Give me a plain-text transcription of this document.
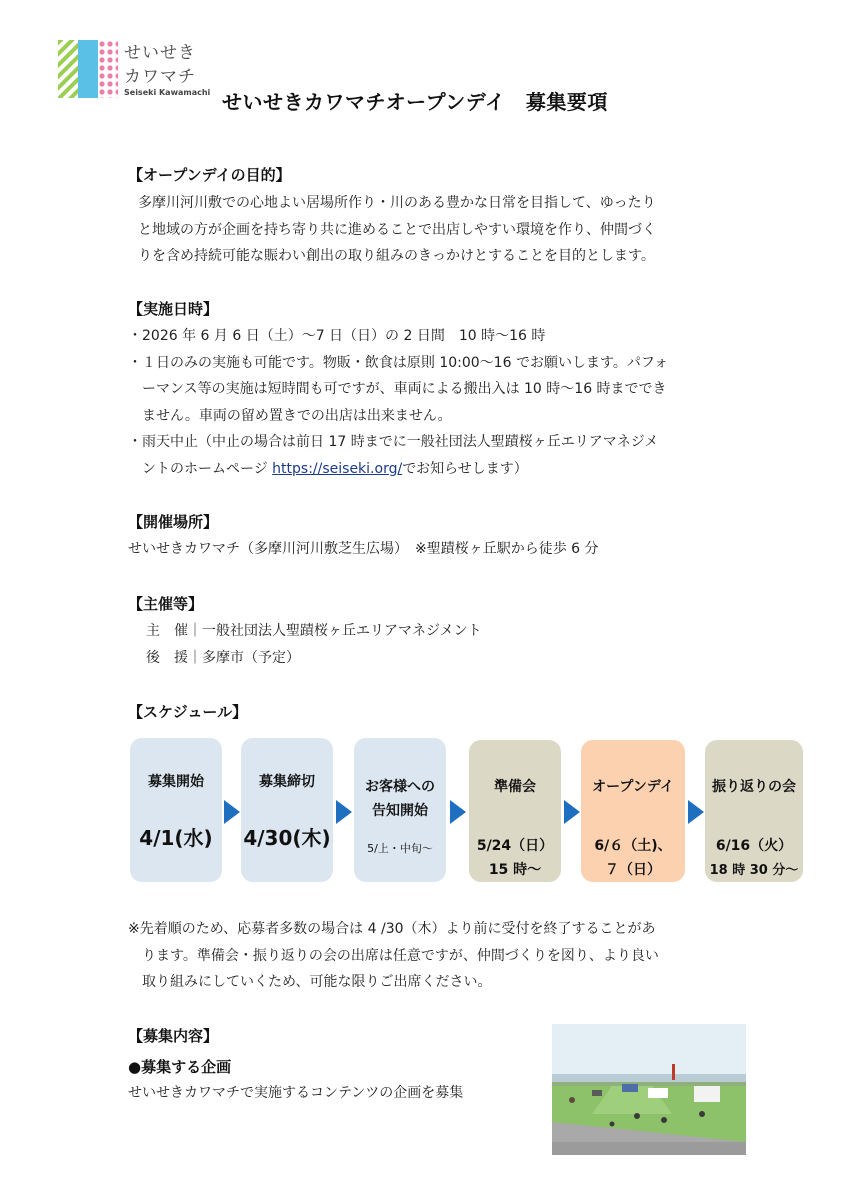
せいせき
カワマチ
Seiseki Kawamachi せいせきカワマチオープンデイ　募集要項
【オープンデイの目的】
多摩川河川敷での心地よい居場所作り・川のある豊かな日常を目指して、ゆったり
と地域の方が企画を持ち寄り共に進めることで出店しやすい環境を作り、仲間づく
りを含め持続可能な賑わい創出の取り組みのきっかけとすることを目的とします。
【実施日時】
・2026 年 6 月 6 日（土）～7 日（日）の 2 日間　10 時～16 時
・１日のみの実施も可能です。物販・飲食は原則 10:00～16 でお願いします。パフォ
ーマンス等の実施は短時間も可ですが、車両による搬出入は 10 時～16 時まででき
ません。車両の留め置きでの出店は出来ません。
・雨天中止（中止の場合は前日 17 時までに一般社団法人聖蹟桜ヶ丘エリアマネジメ
ントのホームページ https://seiseki.org/でお知らせします）
【開催場所】
せいせきカワマチ（多摩川河川敷芝生広場）　※聖蹟桜ヶ丘駅から徒歩 6 分
【主催等】
主　催｜一般社団法人聖蹟桜ヶ丘エリアマネジメント
後　援｜多摩市（予定）
【スケジュール】
募集開始
4/1(水)
募集締切
4/30(木)
お客様への
告知開始
5/上・中旬～
準備会
5/24（日）
15 時～
オープンデイ
6/６（土)、
７（日）
振り返りの会
6/16（火）
18 時 30 分～
※先着順のため、応募者多数の場合は 4 /30（木）より前に受付を終了することがあ
ります。準備会・振り返りの会の出席は任意ですが、仲間づくりを図り、より良い
取り組みにしていくため、可能な限りご出席ください。
【募集内容】
●募集する企画
せいせきカワマチで実施するコンテンツの企画を募集
